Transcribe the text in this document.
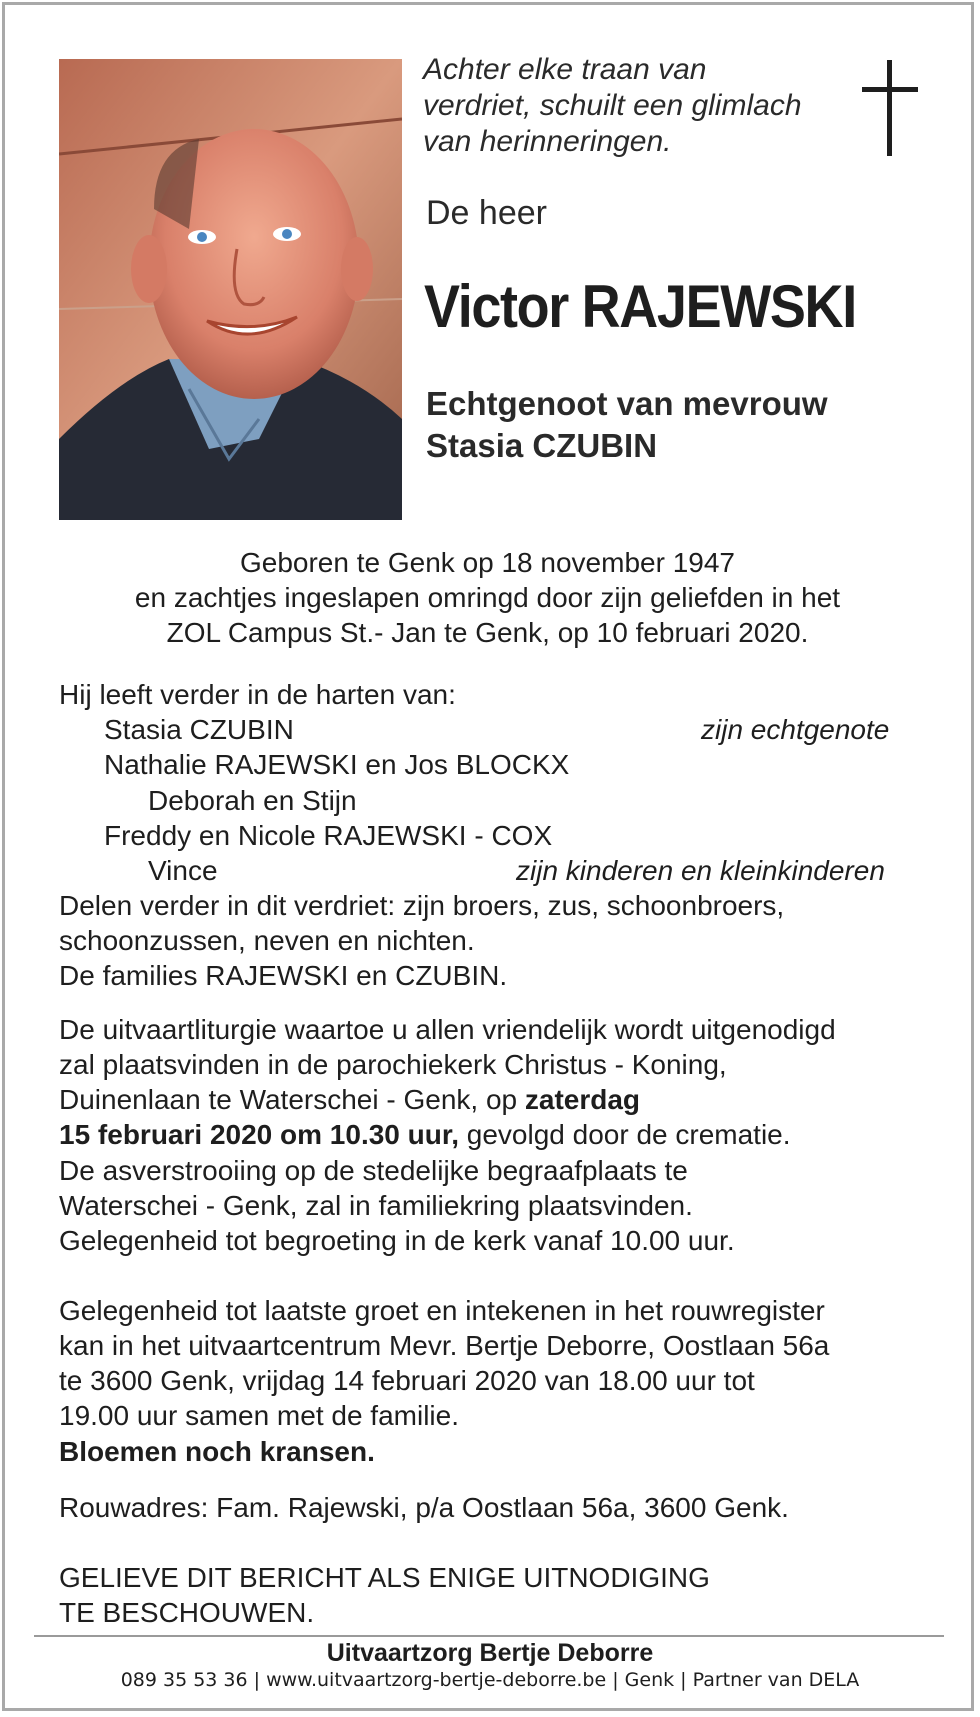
Achter elke traan van
verdriet, schuilt een glimlach
van herinneringen.
De heer
Victor RAJEWSKI
Echtgenoot van mevrouw
Stasia CZUBIN
Geboren te Genk op 18 november 1947
en zachtjes ingeslapen omringd door zijn geliefden in het
ZOL Campus St.- Jan te Genk, op 10 februari 2020.
Hij leeft verder in de harten van:
Stasia CZUBIN	zijn echtgenote
Nathalie RAJEWSKI en Jos BLOCKX
Deborah en Stijn
Freddy en Nicole RAJEWSKI - COX
Vince	zijn kinderen en kleinkinderen
Delen verder in dit verdriet: zijn broers, zus, schoonbroers,
schoonzussen, neven en nichten.
De families RAJEWSKI en CZUBIN.
De uitvaartliturgie waartoe u allen vriendelijk wordt uitgenodigd
zal plaatsvinden in de parochiekerk Christus - Koning,
Duinenlaan te Waterschei - Genk, op zaterdag
15 februari 2020 om 10.30 uur, gevolgd door de crematie.
De asverstrooiing op de stedelijke begraafplaats te
Waterschei - Genk, zal in familiekring plaatsvinden.
Gelegenheid tot begroeting in de kerk vanaf 10.00 uur.
Gelegenheid tot laatste groet en intekenen in het rouwregister
kan in het uitvaartcentrum Mevr. Bertje Deborre, Oostlaan 56a
te 3600 Genk, vrijdag 14 februari 2020 van 18.00 uur tot
19.00 uur samen met de familie.
Bloemen noch kransen.
Rouwadres: Fam. Rajewski, p/a Oostlaan 56a, 3600 Genk.
GELIEVE DIT BERICHT ALS ENIGE UITNODIGING
TE BESCHOUWEN.
Uitvaartzorg Bertje Deborre
089 35 53 36 | www.uitvaartzorg-bertje-deborre.be | Genk | Partner van DELA
